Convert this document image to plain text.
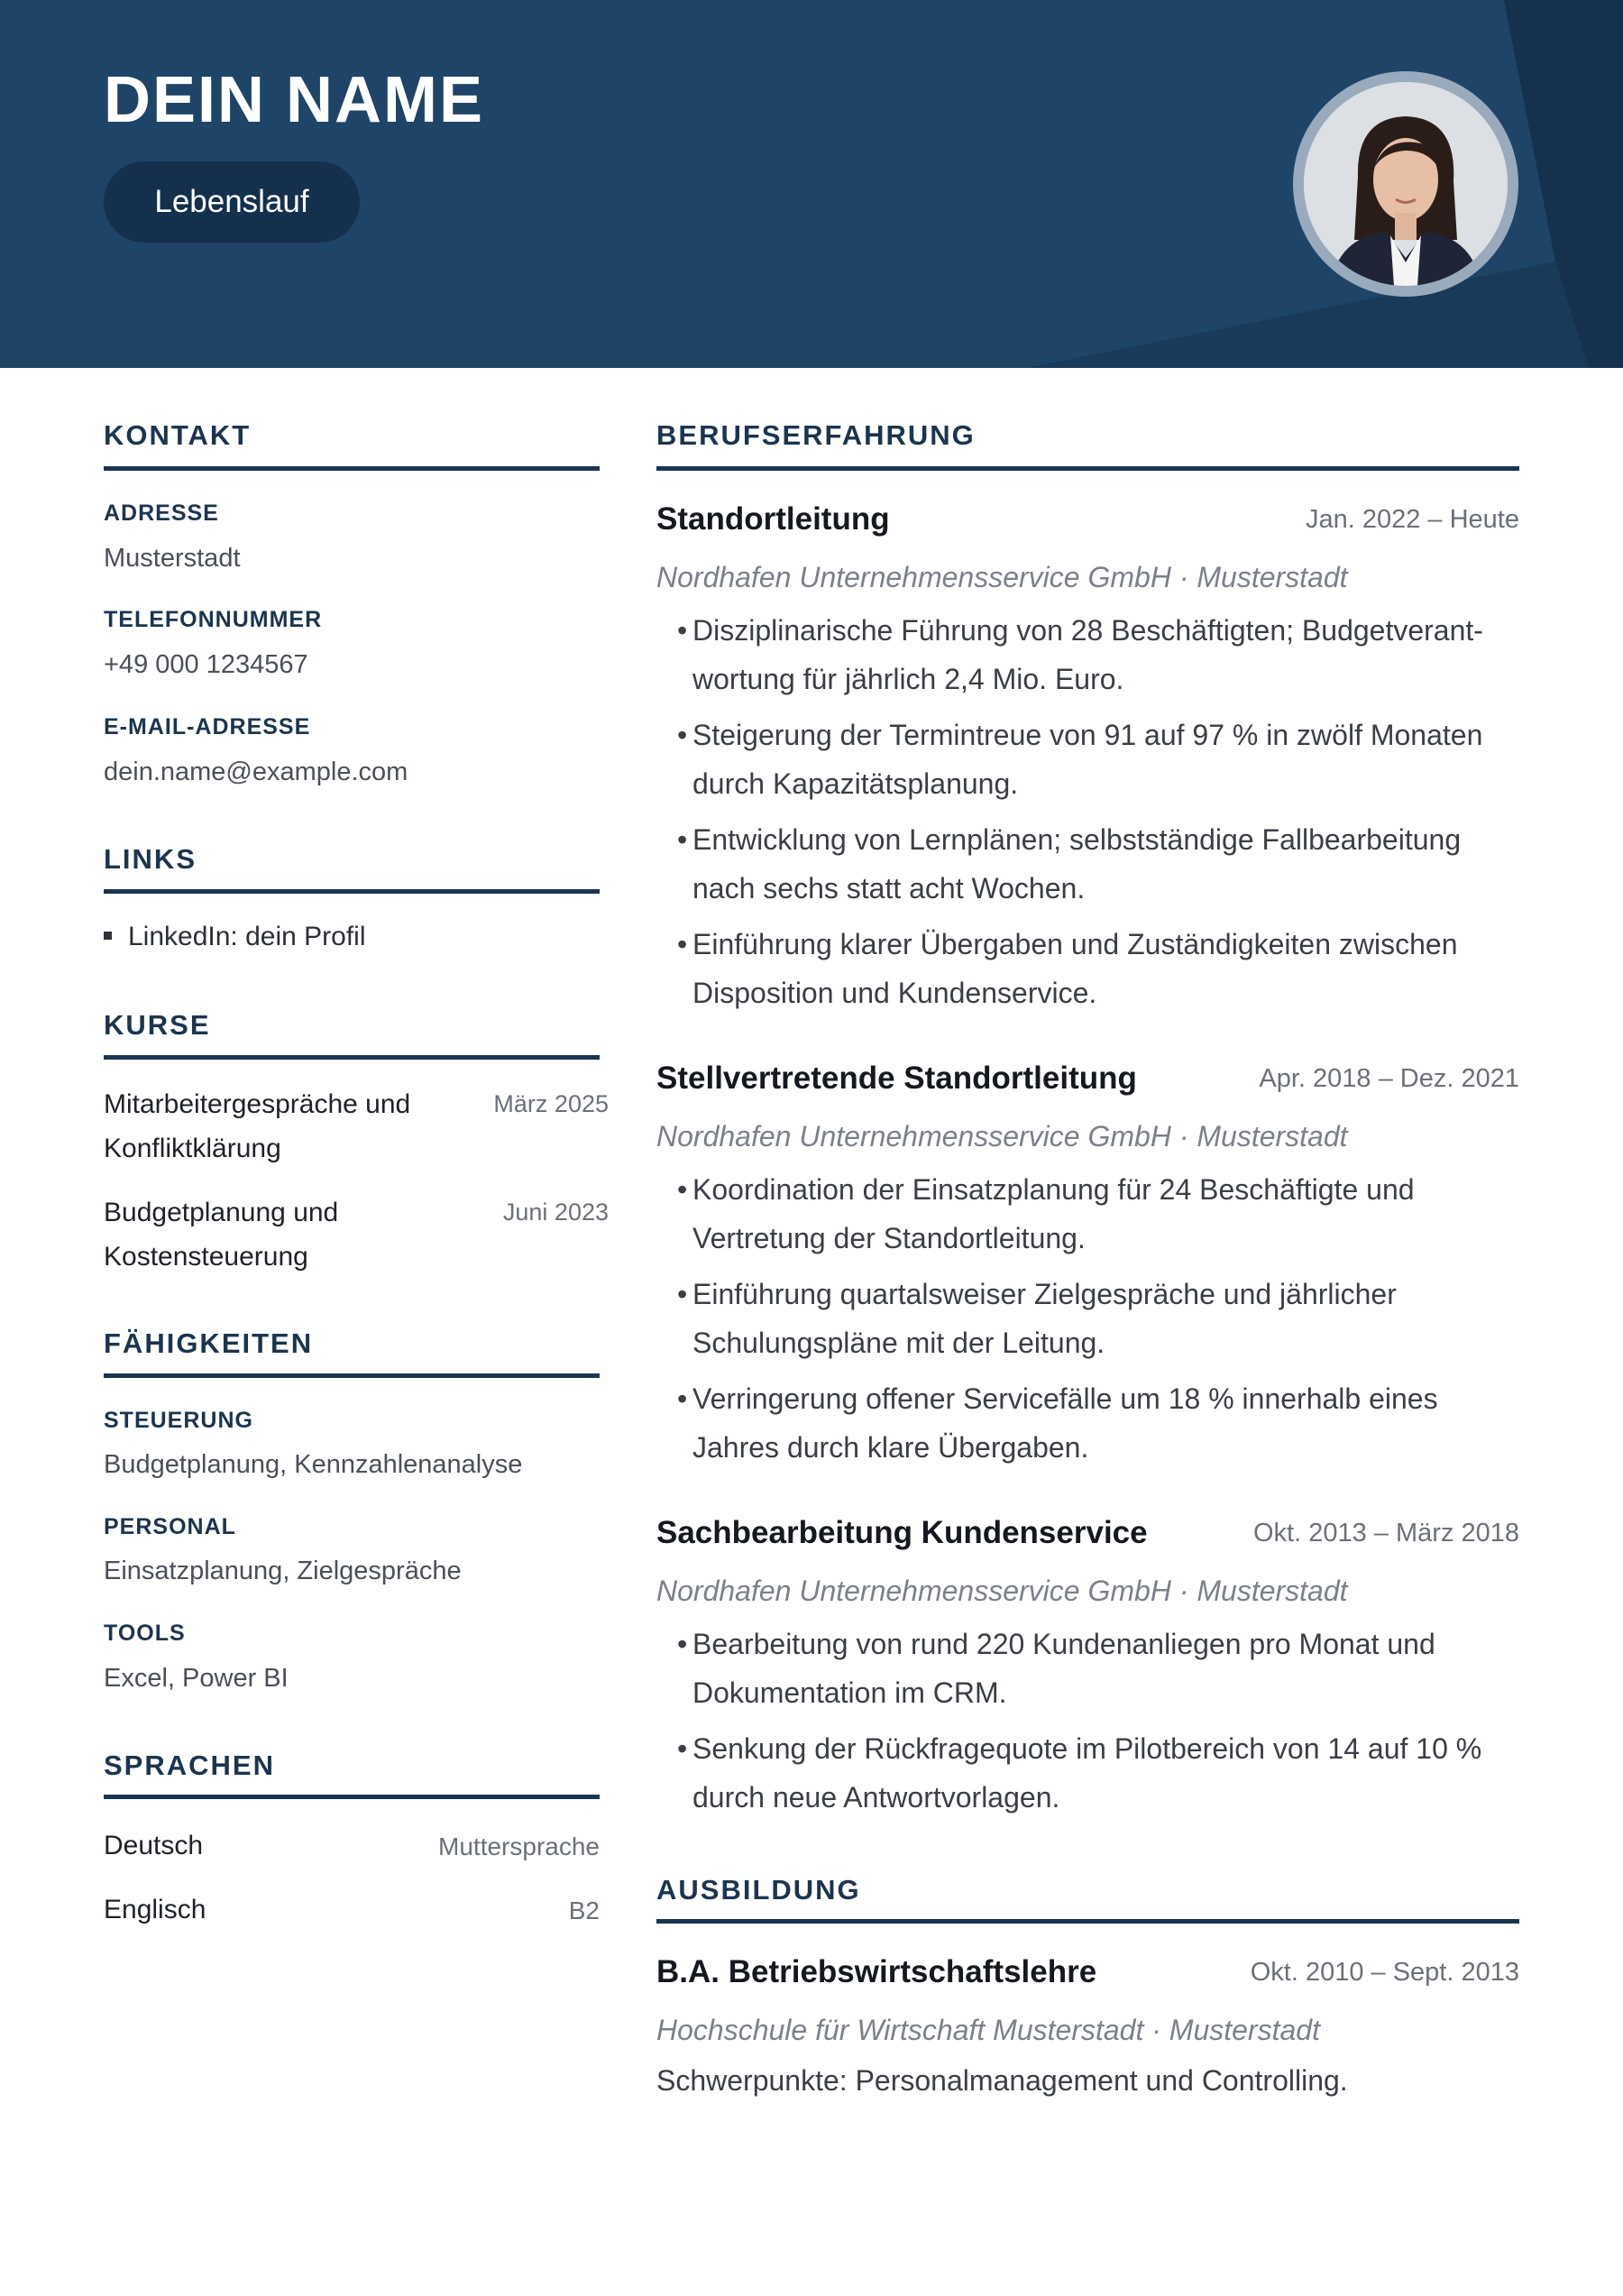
DEIN NAME
Lebenslauf
KONTAKT

ADRESSE

Musterstadt

TELEFONNUMMER

+49 000 1234567

E-MAIL-ADRESSE

dein.name@example.com

LINKS
LinkedIn: dein Profil
KURSE

Mitarbeitergespräche und Konfliktklärung

März 2025

Budgetplanung und Kostensteuerung

Juni 2023
FÄHIGKEITEN

STEUERUNG

Budgetplanung, Kennzahlenanalyse

PERSONAL

Einsatzplanung, Zielgespräche

TOOLS

Excel, Power BI

SPRACHEN
Deutsch	Muttersprache
Englisch	B2
BERUFSERFAHRUNG
Standortleitung	Jan. 2022 – Heute

Nordhafen Unternehmensservice GmbH · Musterstadt

• Disziplinarische Führung von 28 Beschäftigten; Budgetverant-wortung für jährlich 2,4 Mio. Euro.
• Steigerung der Termintreue von 91 auf 97 % in zwölf Monaten durch Kapazitätsplanung.
• Entwicklung von Lernplänen; selbstständige Fallbearbeitung nach sechs statt acht Wochen.
• Einführung klarer Übergaben und Zuständigkeiten zwischen Disposition und Kundenservice.
Stellvertretende Standortleitung	Apr. 2018 – Dez. 2021

Nordhafen Unternehmensservice GmbH · Musterstadt

• Koordination der Einsatzplanung für 24 Beschäftigte und Vertretung der Standortleitung.
• Einführung quartalsweiser Zielgespräche und jährlicher Schulungspläne mit der Leitung.
• Verringerung offener Servicefälle um 18 % innerhalb eines Jahres durch klare Übergaben.
Sachbearbeitung Kundenservice	Okt. 2013 – März 2018

Nordhafen Unternehmensservice GmbH · Musterstadt

• Bearbeitung von rund 220 Kundenanliegen pro Monat und Dokumentation im CRM.
• Senkung der Rückfragequote im Pilotbereich von 14 auf 10 % durch neue Antwortvorlagen.
AUSBILDUNG
B.A. Betriebswirtschaftslehre	Okt. 2010 – Sept. 2013

Hochschule für Wirtschaft Musterstadt · Musterstadt

Schwerpunkte: Personalmanagement und Controlling.
